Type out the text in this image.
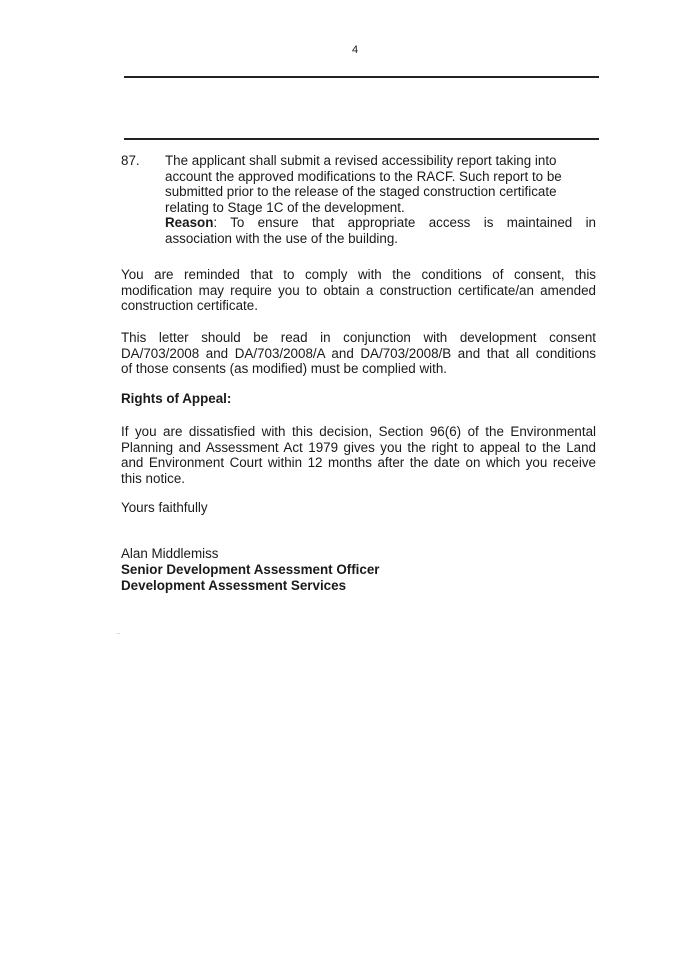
4
87.	The applicant shall submit a revised accessibility report taking into
account the approved modifications to the RACF. Such report to be
submitted prior to the release of the staged construction certificate
relating to Stage 1C of the development.
Reason: To ensure that appropriate access is maintained in
association with the use of the building.
You are reminded that to comply with the conditions of consent, this
modification may require you to obtain a construction certificate/an amended
construction certificate.
This letter should be read in conjunction with development consent
DA/703/2008 and DA/703/2008/A and DA/703/2008/B and that all conditions
of those consents (as modified) must be complied with.
Rights of Appeal:
If you are dissatisfied with this decision, Section 96(6) of the Environmental
Planning and Assessment Act 1979 gives you the right to appeal to the Land
and Environment Court within 12 months after the date on which you receive
this notice.
Yours faithfully
Alan Middlemiss
Senior Development Assessment Officer
Development Assessment Services
